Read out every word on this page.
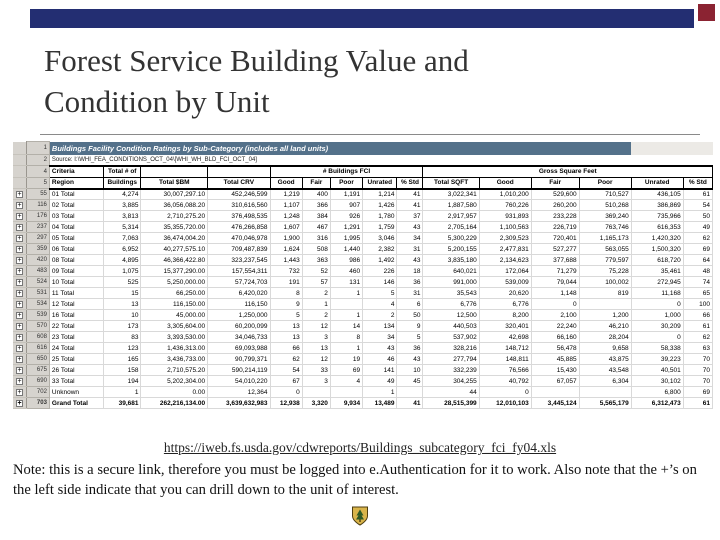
Forest Service Building Value and
Condition by Unit
	1	Buildings Facility Condition Ratings by Sub-Category (includes all land units)														
	2	Source: I:\WHI_FEA_CONDITIONS_OCT_04\[WHI_WH_BLD_FCI_OCT_04]														
	4	Criteria	Total # of			# Buildings FCI					Gross Square Feet					
	5	Region	Buildings	Total $BM	Total CRV	Good	Fair	Poor	Unrated	% Std	Total SQFT	Good	Fair	Poor	Unrated	% Std
+	55	01 Total	4,274	30,007,297.10	452,246,599	1,219	400	1,191	1,214	41	3,022,341	1,010,200	529,600	710,527	436,105	61
+	116	02 Total	3,885	36,056,088.20	310,616,560	1,107	366	907	1,426	41	1,887,580	760,226	260,200	510,268	386,869	54
+	176	03 Total	3,813	2,710,275.20	376,498,535	1,248	384	926	1,780	37	2,917,957	931,893	233,228	369,240	735,966	50
+	237	04 Total	5,314	35,355,720.00	476,266,858	1,607	467	1,291	1,759	43	2,705,164	1,100,563	226,719	763,746	616,353	49
+	297	05 Total	7,063	36,474,004.20	470,046,978	1,900	316	1,995	3,046	34	5,300,229	2,309,523	720,401	1,165,173	1,420,320	62
+	359	06 Total	6,952	40,277,575.10	709,487,839	1,624	508	1,440	2,382	31	5,200,155	2,477,831	527,277	563,055	1,500,320	69
+	420	08 Total	4,895	46,366,422.80	323,237,545	1,443	363	986	1,492	43	3,835,180	2,134,623	377,688	779,597	618,720	64
+	483	09 Total	1,075	15,377,290.00	157,554,311	732	52	460	226	18	640,021	172,064	71,279	75,228	35,461	48
+	524	10 Total	525	5,250,000.00	57,724,703	191	57	131	146	36	991,000	539,009	79,044	100,002	272,945	74
+	531	11 Total	15	66,250.00	6,420,020	8	2	1	5	31	35,543	20,620	1,148	819	11,168	65
+	534	12 Total	13	116,150.00	116,150	9	1		4	6	6,776	6,776	0		0	100
+	539	16 Total	10	45,000.00	1,250,000	5	2	1	2	50	12,500	8,200	2,100	1,200	1,000	66
+	570	22 Total	173	3,305,604.00	60,200,099	13	12	14	134	9	440,503	320,401	22,240	46,210	30,209	61
+	608	23 Total	83	3,393,530.00	34,046,733	13	3	8	34	5	537,902	42,698	66,160	28,204	0	62
+	616	24 Total	123	1,436,313.00	69,093,988	66	13	1	43	36	328,216	148,712	56,478	9,658	58,338	63
+	650	25 Total	165	3,436,733.00	90,799,371	62	12	19	46	43	277,794	148,811	45,885	43,875	39,223	70
+	675	26 Total	158	2,710,575.20	590,214,119	54	33	69	141	10	332,239	76,566	15,430	43,548	40,501	70
+	690	33 Total	194	5,202,304.00	54,010,220	67	3	4	49	45	304,255	40,792	67,057	6,304	30,102	70
+	702	Unknown	1	0.00	12,364	0			1		44	0			6,800	69
+	703	Grand Total	39,681	262,216,134.00	3,639,632,983	12,938	3,320	9,934	13,489	41	28,515,399	12,010,103	3,445,124	5,565,179	6,312,473	61
https://iweb.fs.usda.gov/cdwreports/Buildings_subcategory_fci_fy04.xls

Note: this is a secure link, therefore you must be logged into e.Authentication for it to work. Also note that the +’s on the left side indicate that you can drill down to the unit of interest.
